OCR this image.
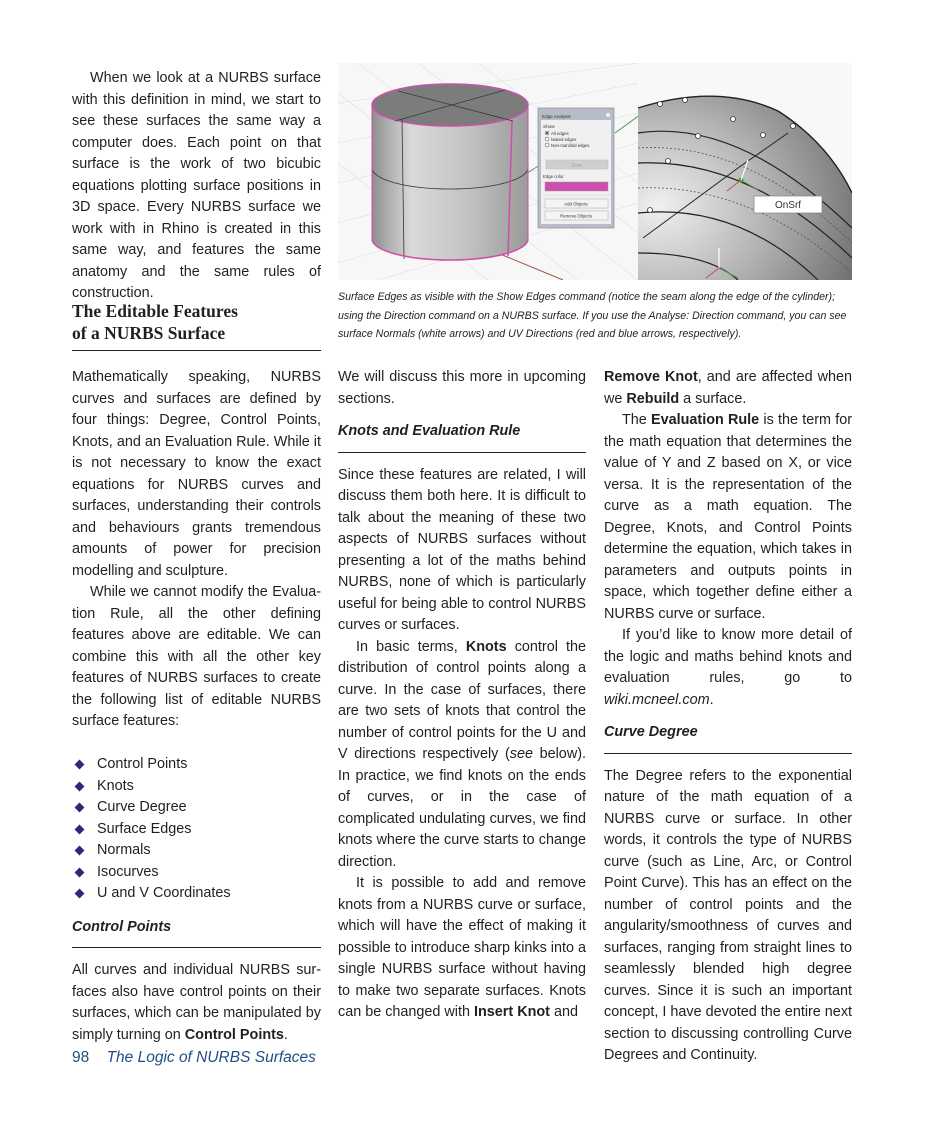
When we look at a NURBS surface with this definition in mind, we start to see these surfaces the same way a computer does. Each point on that surface is the work of two bicubic equations plotting surface positions in 3D space. Every NURBS surface we work with in Rhino is created in this same way, and features the same anatomy and the same rules of construction.

The Editable Features
of a NURBS Surface
OnSrf
Edge Analysis
Show
All edges
Naked edges
Non-manifold edges
Zoom
Edge color
Add Objects
Remove Objects
Surface Edges as visible with the Show Edges command (notice the seam along the edge of the cylinder); using the Direction command on a NURBS surface. If you use the Analyse: Direction command, you can see surface Normals (white arrows) and UV Directions (red and blue arrows, respectively).

Mathematically speaking, NURBS curves and surfaces are defined by four things: Degree, Control Points, Knots, and an Evaluation Rule. While it is not necessary to know the exact equations for NURBS curves and surfaces, understanding their controls and behaviours grants tremendous amounts of power for precision modelling and sculpture.

While we cannot modify the Evaluation Rule, all the other defining features above are editable. We can combine this with all the other key features of NURBS surfaces to create the following list of editable NURBS surface features:

Control Points
Knots
Curve Degree
Surface Edges
Normals
Isocurves
U and V Coordinates
Control Points

All curves and individual NURBS surfaces also have control points on their surfaces, which can be manipulated by simply turning on Control Points.

We will discuss this more in upcoming sections.

Knots and Evaluation Rule

Since these features are related, I will discuss them both here. It is difficult to talk about the meaning of these two aspects of NURBS surfaces without presenting a lot of the maths behind NURBS, none of which is particularly useful for being able to control NURBS curves or surfaces.

In basic terms, Knots control the distribution of control points along a curve. In the case of surfaces, there are two sets of knots that control the number of control points for the U and V directions respectively (see below). In practice, we find knots on the ends of curves, or in the case of complicated undulating curves, we find knots where the curve starts to change direction.

It is possible to add and remove knots from a NURBS curve or surface, which will have the effect of making it possible to introduce sharp kinks into a single NURBS surface without having to make two separate surfaces. Knots can be changed with Insert Knot and

Remove Knot, and are affected when we Rebuild a surface.

The Evaluation Rule is the term for the math equation that determines the value of Y and Z based on X, or vice versa. It is the representation of the curve as a math equation. The Degree, Knots, and Control Points determine the equation, which takes in parameters and outputs points in space, which together define either a NURBS curve or surface.

If you’d like to know more detail of the logic and maths behind knots and evaluation rules, go to wiki.mcneel.com.

Curve Degree

The Degree refers to the exponential nature of the math equation of a NURBS curve or surface. In other words, it controls the type of NURBS curve (such as Line, Arc, or Control Point Curve). This has an effect on the number of control points and the angularity/smoothness of curves and surfaces, ranging from straight lines to seamlessly blended high degree curves. Since it is such an important concept, I have devoted the entire next section to discussing controlling Curve Degrees and Continuity.

98 The Logic of NURBS Surfaces
